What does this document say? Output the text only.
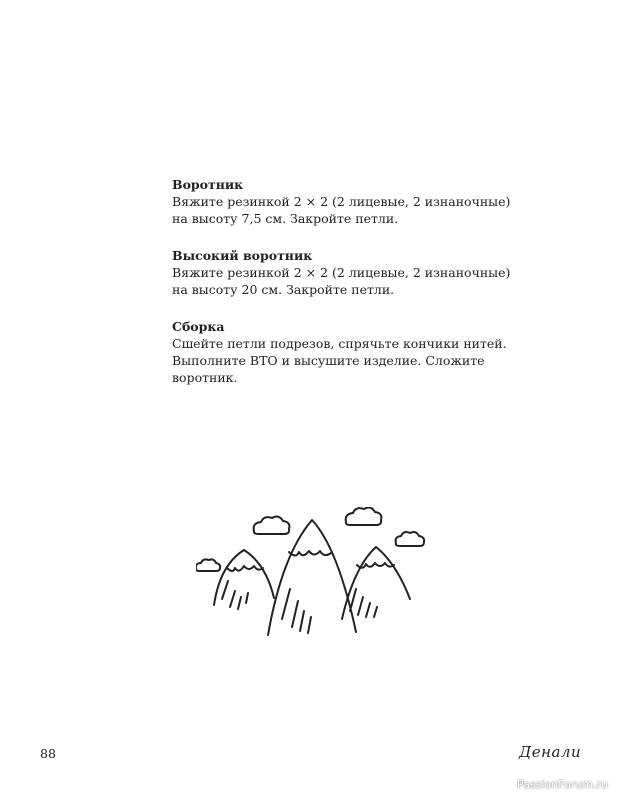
Воротник

Вяжите резинкой 2 × 2 (2 лицевые, 2 изнаночные)

на высоту 7,5 см. Закройте петли.

Высокий воротник

Вяжите резинкой 2 × 2 (2 лицевые, 2 изнаночные)

на высоту 20 см. Закройте петли.

Сборка

Сшейте петли подрезов, спрячьте кончики нитей.

Выполните ВТО и высушите изделие. Сложите

воротник.

88	Денали
PassionForum.ru
